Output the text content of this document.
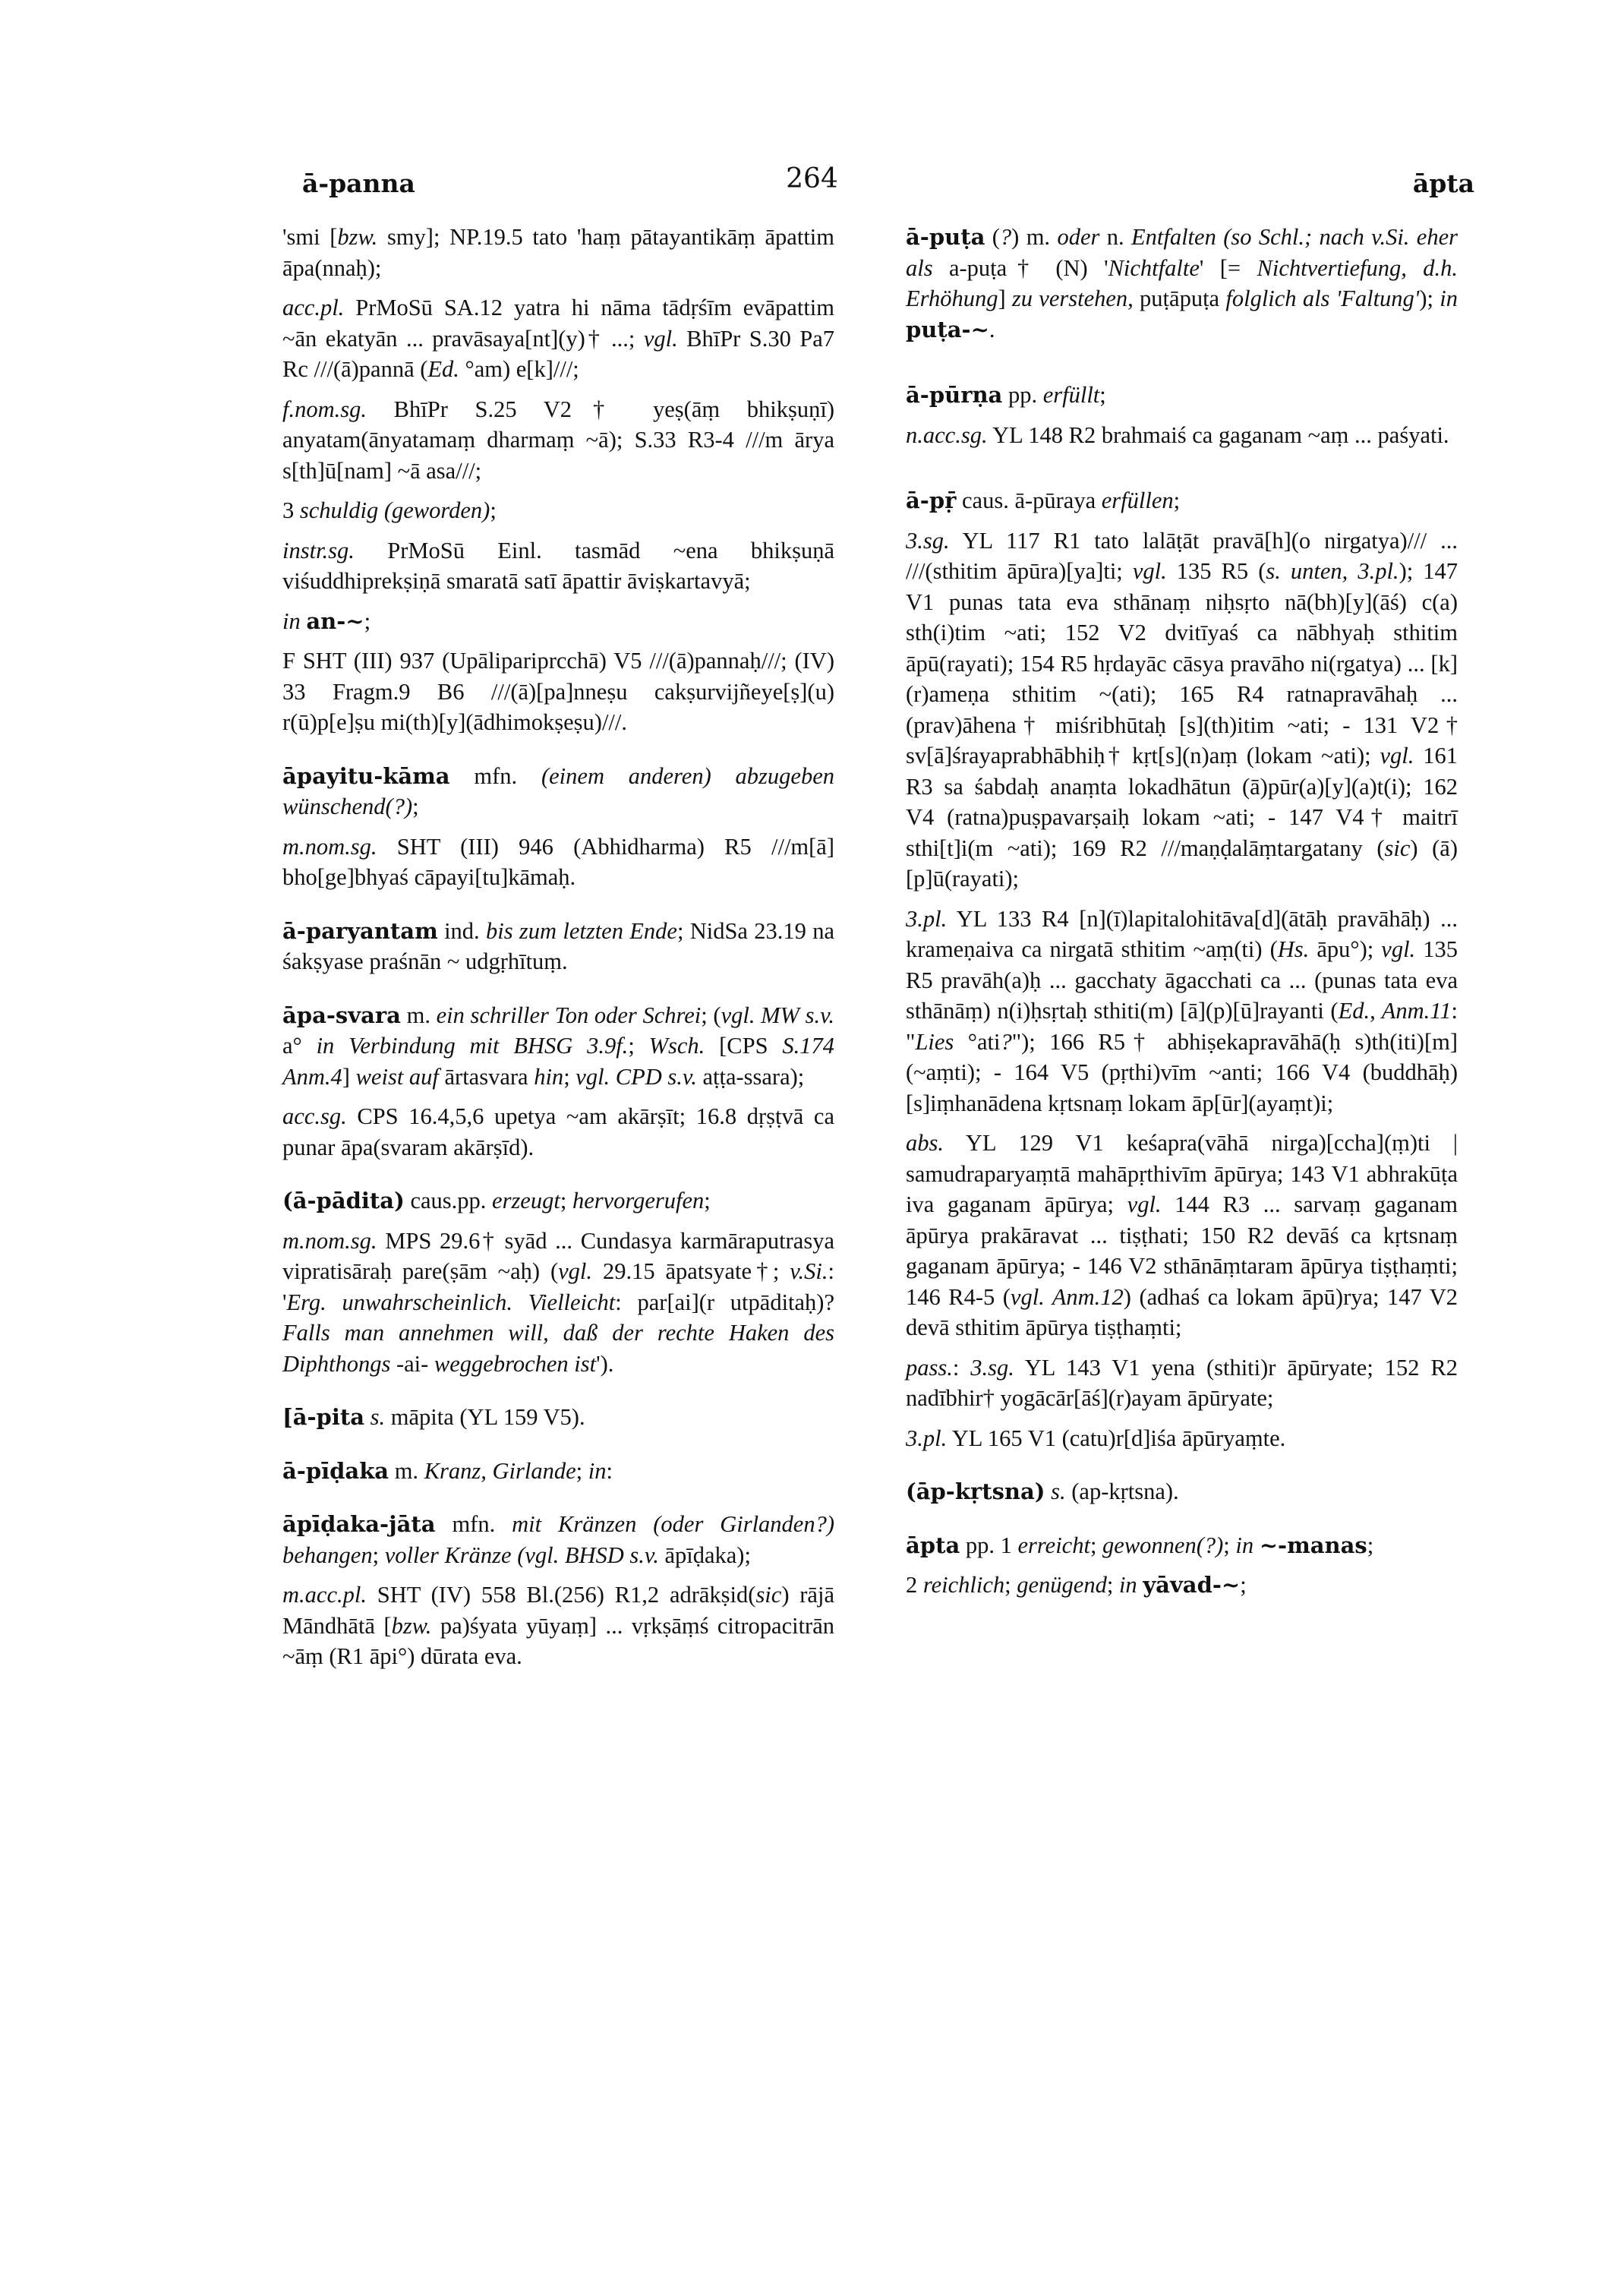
ā-panna	264	āpta

'smi [bzw. smy]; NP.19.5 tato 'haṃ pātayantikāṃ āpattim āpa(nnaḥ);

acc.pl. PrMoSū SA.12 yatra hi nāma tādṛśīm evāpattim ~ān ekatyān ... pravāsaya[nt](y)† ...; vgl. BhīPr S.30 Pa7 Rc ///(ā)pannā (Ed. °am) e[k]///;

f.nom.sg. BhīPr S.25 V2† yeṣ(āṃ bhikṣuṇī) anyatam(ānyatamaṃ dharmaṃ ~ā); S.33 R3-4 ///m ārya s[th]ū[nam] ~ā asa///;

3 schuldig (geworden);

instr.sg. PrMoSū Einl. tasmād ~ena bhikṣuṇā viśuddhiprekṣiṇā smaratā satī āpattir āviṣkartavyā;

in an-~;

F SHT (III) 937 (Upālipariprcchā) V5 ///(ā)pannaḥ///; (IV) 33 Fragm.9 B6 ///(ā)[pa]nneṣu cakṣurvijñeye[ṣ](u) r(ū)p[e]ṣu mi(th)[y](ādhimokṣeṣu)///.

āpayitu-kāma mfn. (einem anderen) abzugeben wünschend(?);

m.nom.sg. SHT (III) 946 (Abhidharma) R5 ///m[ā] bho[ge]bhyaś cāpayi[tu]kāmaḥ.

ā-paryantam ind. bis zum letzten Ende; NidSa 23.19 na śakṣyase praśnān ~ udgṛhītuṃ.

āpa-svara m. ein schriller Ton oder Schrei; (vgl. MW s.v. a° in Verbindung mit BHSG 3.9f.; Wsch. [CPS S.174 Anm.4] weist auf ārtasvara hin; vgl. CPD s.v. aṭṭa-ssara);

acc.sg. CPS 16.4,5,6 upetya ~am akārṣīt; 16.8 dṛṣṭvā ca punar āpa(svaram akārṣīd).

(ā-pādita) caus.pp. erzeugt; hervorgerufen;

m.nom.sg. MPS 29.6† syād ... Cundasya karmāraputrasya vipratisāraḥ pare(ṣām ~aḥ) (vgl. 29.15 āpatsyate†; v.Si.: 'Erg. unwahrscheinlich. Vielleicht: par[ai](r utpāditaḥ)? Falls man annehmen will, daß der rechte Haken des Diphthongs -ai- weggebrochen ist').

[ā-pita s. māpita (YL 159 V5).

ā-pīḍaka m. Kranz, Girlande; in:

āpīḍaka-jāta mfn. mit Kränzen (oder Girlanden?) behangen; voller Kränze (vgl. BHSD s.v. āpīḍaka);

m.acc.pl. SHT (IV) 558 Bl.(256) R1,2 adrākṣid(sic) rājā Māndhātā [bzw. pa)śyata yūyaṃ] ... vṛkṣāṃś citropacitrān ~āṃ (R1 āpi°) dūrata eva.

ā-puṭa (?) m. oder n. Entfalten (so Schl.; nach v.Si. eher als a-puṭa† (N) 'Nichtfalte' [= Nichtvertiefung, d.h. Erhöhung] zu verstehen, puṭāpuṭa folglich als 'Faltung'); in puṭa-~.

ā-pūrṇa pp. erfüllt;

n.acc.sg. YL 148 R2 brahmaiś ca gaganam ~aṃ ... paśyati.

ā-pṝ caus. ā-pūraya erfüllen;

3.sg. YL 117 R1 tato lalāṭāt pravā[h](o nirgatya)/// ... ///(sthitim āpūra)[ya]ti; vgl. 135 R5 (s. unten, 3.pl.); 147 V1 punas tata eva sthānaṃ niḥsṛto nā(bh)[y](āś) c(a) sth(i)tim ~ati; 152 V2 dvitīyaś ca nābhyaḥ sthitim āpū(rayati); 154 R5 hṛdayāc cāsya pravāho ni(rgatya) ... [k](r)ameṇa sthitim ~(ati); 165 R4 ratnapravāhaḥ ... (prav)āhena† miśribhūtaḥ [s](th)itim ~ati; - 131 V2† sv[ā]śrayaprabhābhiḥ† kṛt[s](n)aṃ (lokam ~ati); vgl. 161 R3 sa śabdaḥ anaṃta lokadhātun (ā)pūr(a)[y](a)t(i); 162 V4 (ratna)puṣpavarṣaiḥ lokam ~ati; - 147 V4† maitrī sthi[t]i(m ~ati); 169 R2 ///maṇḍalāṃtargatany (sic) (ā)[p]ū(rayati);

3.pl. YL 133 R4 [n](ī)lapitalohitāva[d](ātāḥ pravāhāḥ) ... krameṇaiva ca nirgatā sthitim ~aṃ(ti) (Hs. āpu°); vgl. 135 R5 pravāh(a)ḥ ... gacchaty āgacchati ca ... (punas tata eva sthānāṃ) n(i)ḥsṛtaḥ sthiti(m) [ā](p)[ū]rayanti (Ed., Anm.11: "Lies °ati?"); 166 R5† abhiṣekapravāhā(ḥ s)th(iti)[m] (~aṃti); - 164 V5 (pṛthi)vīm ~anti; 166 V4 (buddhāḥ) [s]iṃhanādena kṛtsnaṃ lokam āp[ūr](ayaṃt)i;

abs. YL 129 V1 keśapra(vāhā nirga)[ccha](ṃ)ti | samudraparyaṃtā mahāpṛthivīm āpūrya; 143 V1 abhrakūṭa iva gaganam āpūrya; vgl. 144 R3 ... sarvaṃ gaganam āpūrya prakāravat ... tiṣṭhati; 150 R2 devāś ca kṛtsnaṃ gaganam āpūrya; - 146 V2 sthānāṃtaram āpūrya tiṣṭhaṃti; 146 R4-5 (vgl. Anm.12) (adhaś ca lokam āpū)rya; 147 V2 devā sthitim āpūrya tiṣṭhaṃti;

pass.: 3.sg. YL 143 V1 yena (sthiti)r āpūryate; 152 R2 nadībhir† yogācār[āś](r)ayam āpūryate;

3.pl. YL 165 V1 (catu)r[d]iśa āpūryaṃte.

(āp-kṛtsna) s. (ap-kṛtsna).

āpta pp. 1 erreicht; gewonnen(?); in ~-manas;

2 reichlich; genügend; in yāvad-~;
